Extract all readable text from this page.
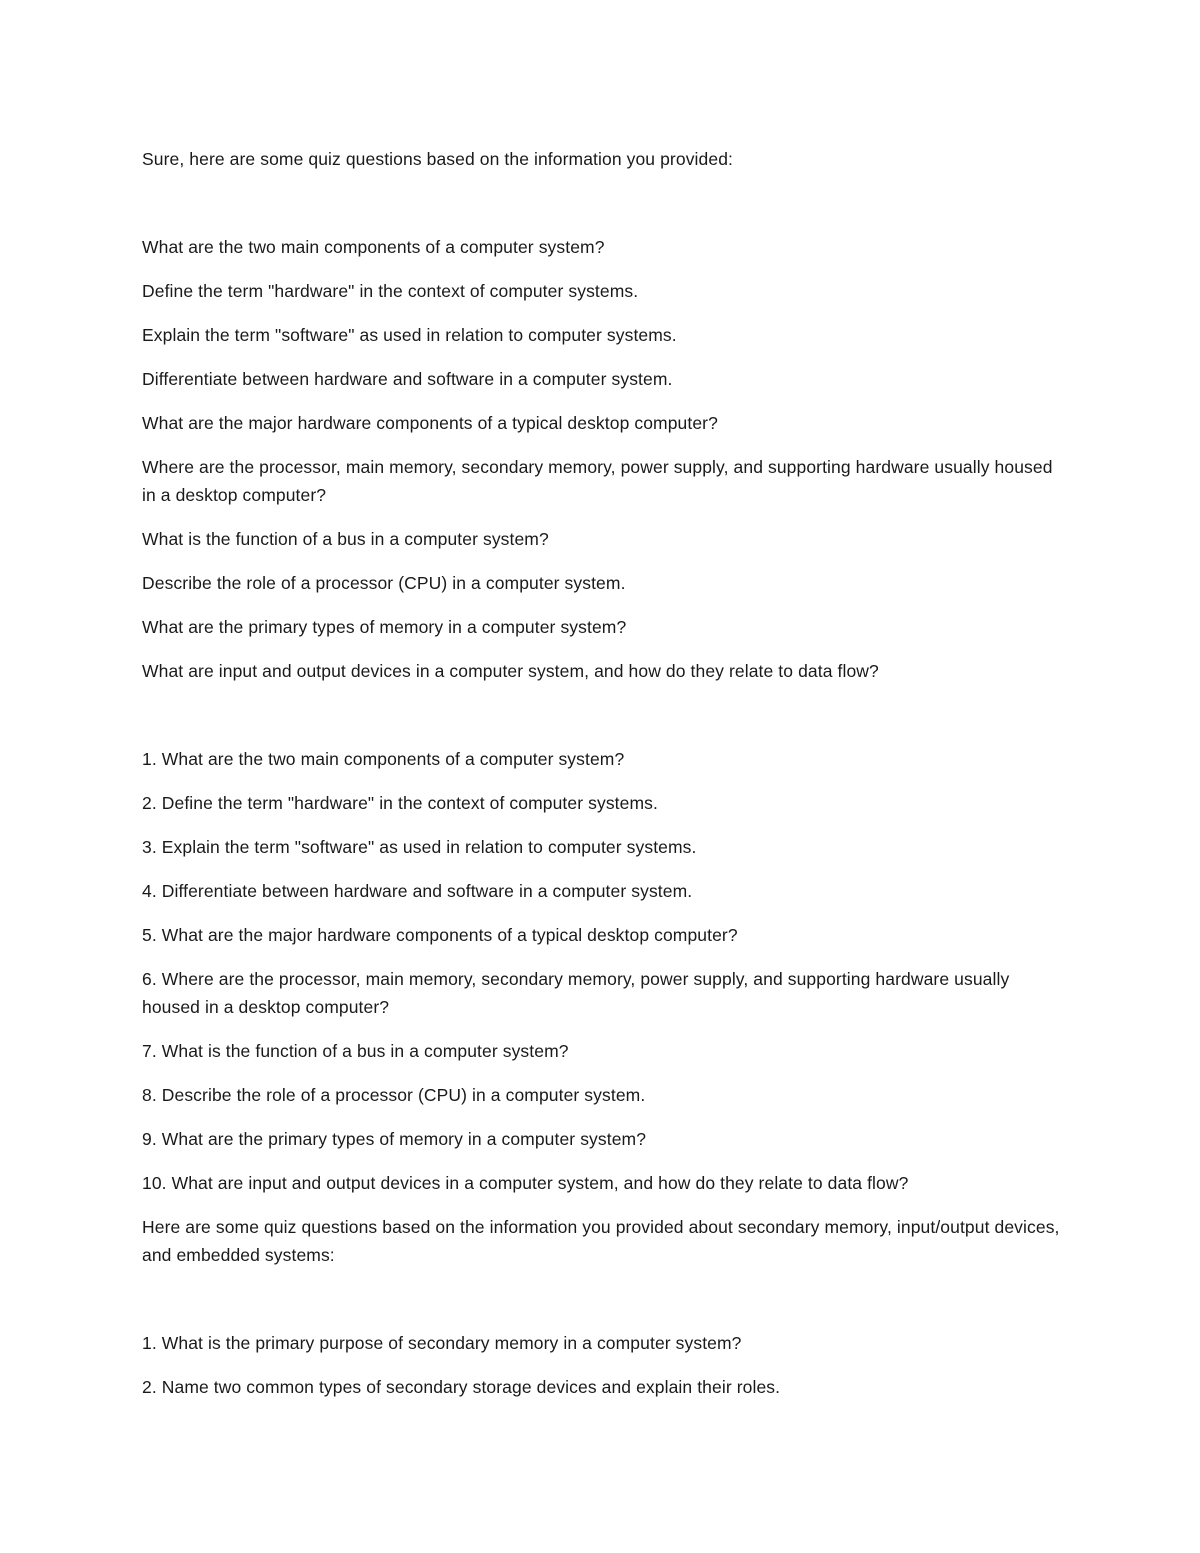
Sure, here are some quiz questions based on the information you provided:

What are the two main components of a computer system?

Define the term "hardware" in the context of computer systems.

Explain the term "software" as used in relation to computer systems.

Differentiate between hardware and software in a computer system.

What are the major hardware components of a typical desktop computer?

Where are the processor, main memory, secondary memory, power supply, and supporting hardware usually housed in a desktop computer?

What is the function of a bus in a computer system?

Describe the role of a processor (CPU) in a computer system.

What are the primary types of memory in a computer system?

What are input and output devices in a computer system, and how do they relate to data flow?

1. What are the two main components of a computer system?

2. Define the term "hardware" in the context of computer systems.

3. Explain the term "software" as used in relation to computer systems.

4. Differentiate between hardware and software in a computer system.

5. What are the major hardware components of a typical desktop computer?

6. Where are the processor, main memory, secondary memory, power supply, and supporting hardware usually housed in a desktop computer?

7. What is the function of a bus in a computer system?

8. Describe the role of a processor (CPU) in a computer system.

9. What are the primary types of memory in a computer system?

10. What are input and output devices in a computer system, and how do they relate to data flow?

Here are some quiz questions based on the information you provided about secondary memory, input/output devices, and embedded systems:

1. What is the primary purpose of secondary memory in a computer system?

2. Name two common types of secondary storage devices and explain their roles.
